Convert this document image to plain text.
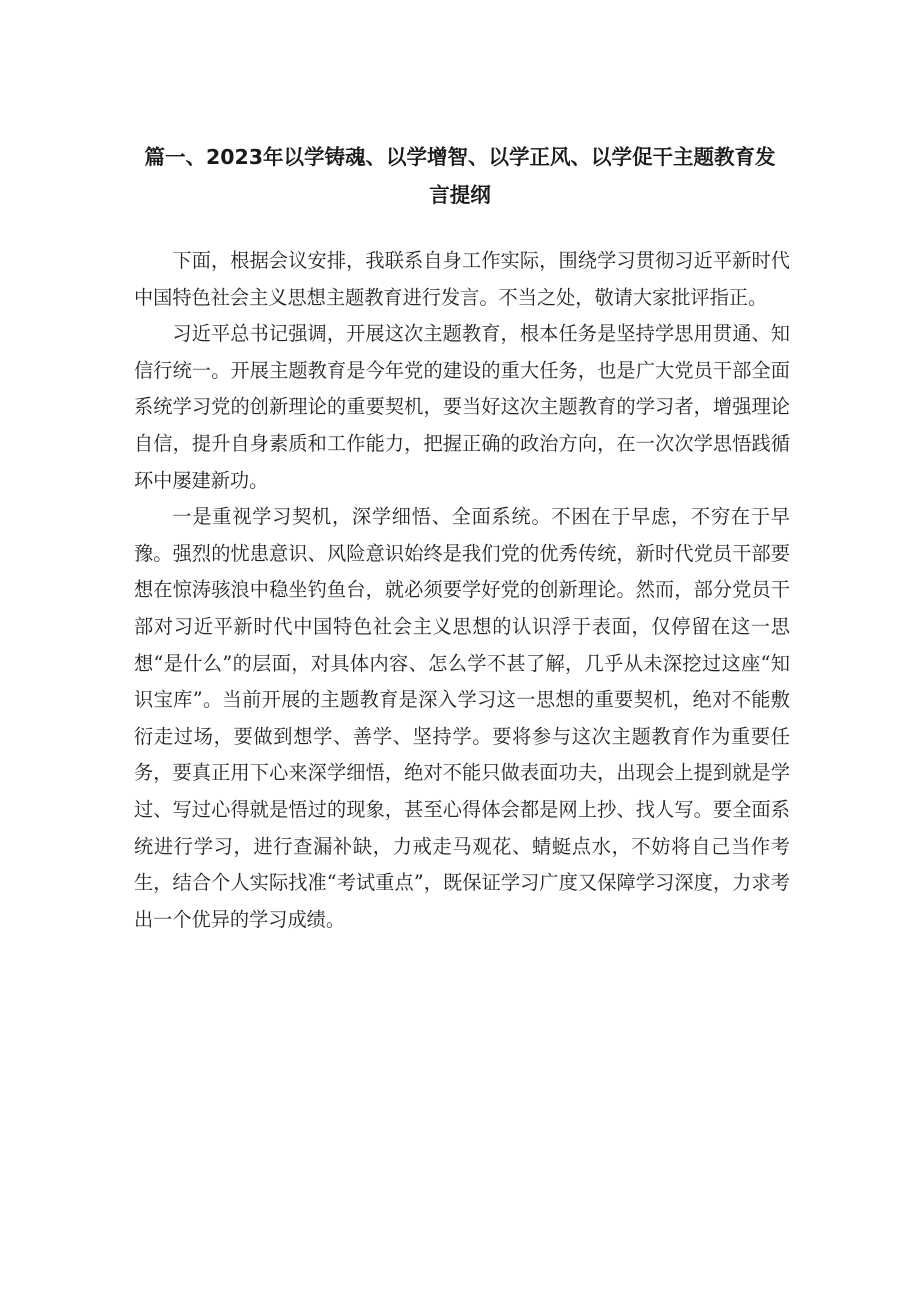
篇一、2023年以学铸魂、以学增智、以学正风、以学促干主题教育发
言提纲

下面，根据会议安排，我联系自身工作实际，围绕学习贯彻习近平新时代中国特色社会主义思想主题教育进行发言。不当之处，敬请大家批评指正。

习近平总书记强调，开展这次主题教育，根本任务是坚持学思用贯通、知信行统一。开展主题教育是今年党的建设的重大任务，也是广大党员干部全面系统学习党的创新理论的重要契机，要当好这次主题教育的学习者，增强理论自信，提升自身素质和工作能力，把握正确的政治方向，在一次次学思悟践循环中屡建新功。

一是重视学习契机，深学细悟、全面系统。不困在于早虑，不穷在于早豫。强烈的忧患意识、风险意识始终是我们党的优秀传统，新时代党员干部要想在惊涛骇浪中稳坐钓鱼台，就必须要学好党的创新理论。然而，部分党员干部对习近平新时代中国特色社会主义思想的认识浮于表面，仅停留在这一思想“是什么”的层面，对具体内容、怎么学不甚了解，几乎从未深挖过这座“知识宝库”。当前开展的主题教育是深入学习这一思想的重要契机，绝对不能敷衍走过场，要做到想学、善学、坚持学。要将参与这次主题教育作为重要任务，要真正用下心来深学细悟，绝对不能只做表面功夫，出现会上提到就是学过、写过心得就是悟过的现象，甚至心得体会都是网上抄、找人写。要全面系统进行学习，进行查漏补缺，力戒走马观花、蜻蜓点水，不妨将自己当作考生，结合个人实际找准“考试重点”，既保证学习广度又保障学习深度，力求考出一个优异的学习成绩。
